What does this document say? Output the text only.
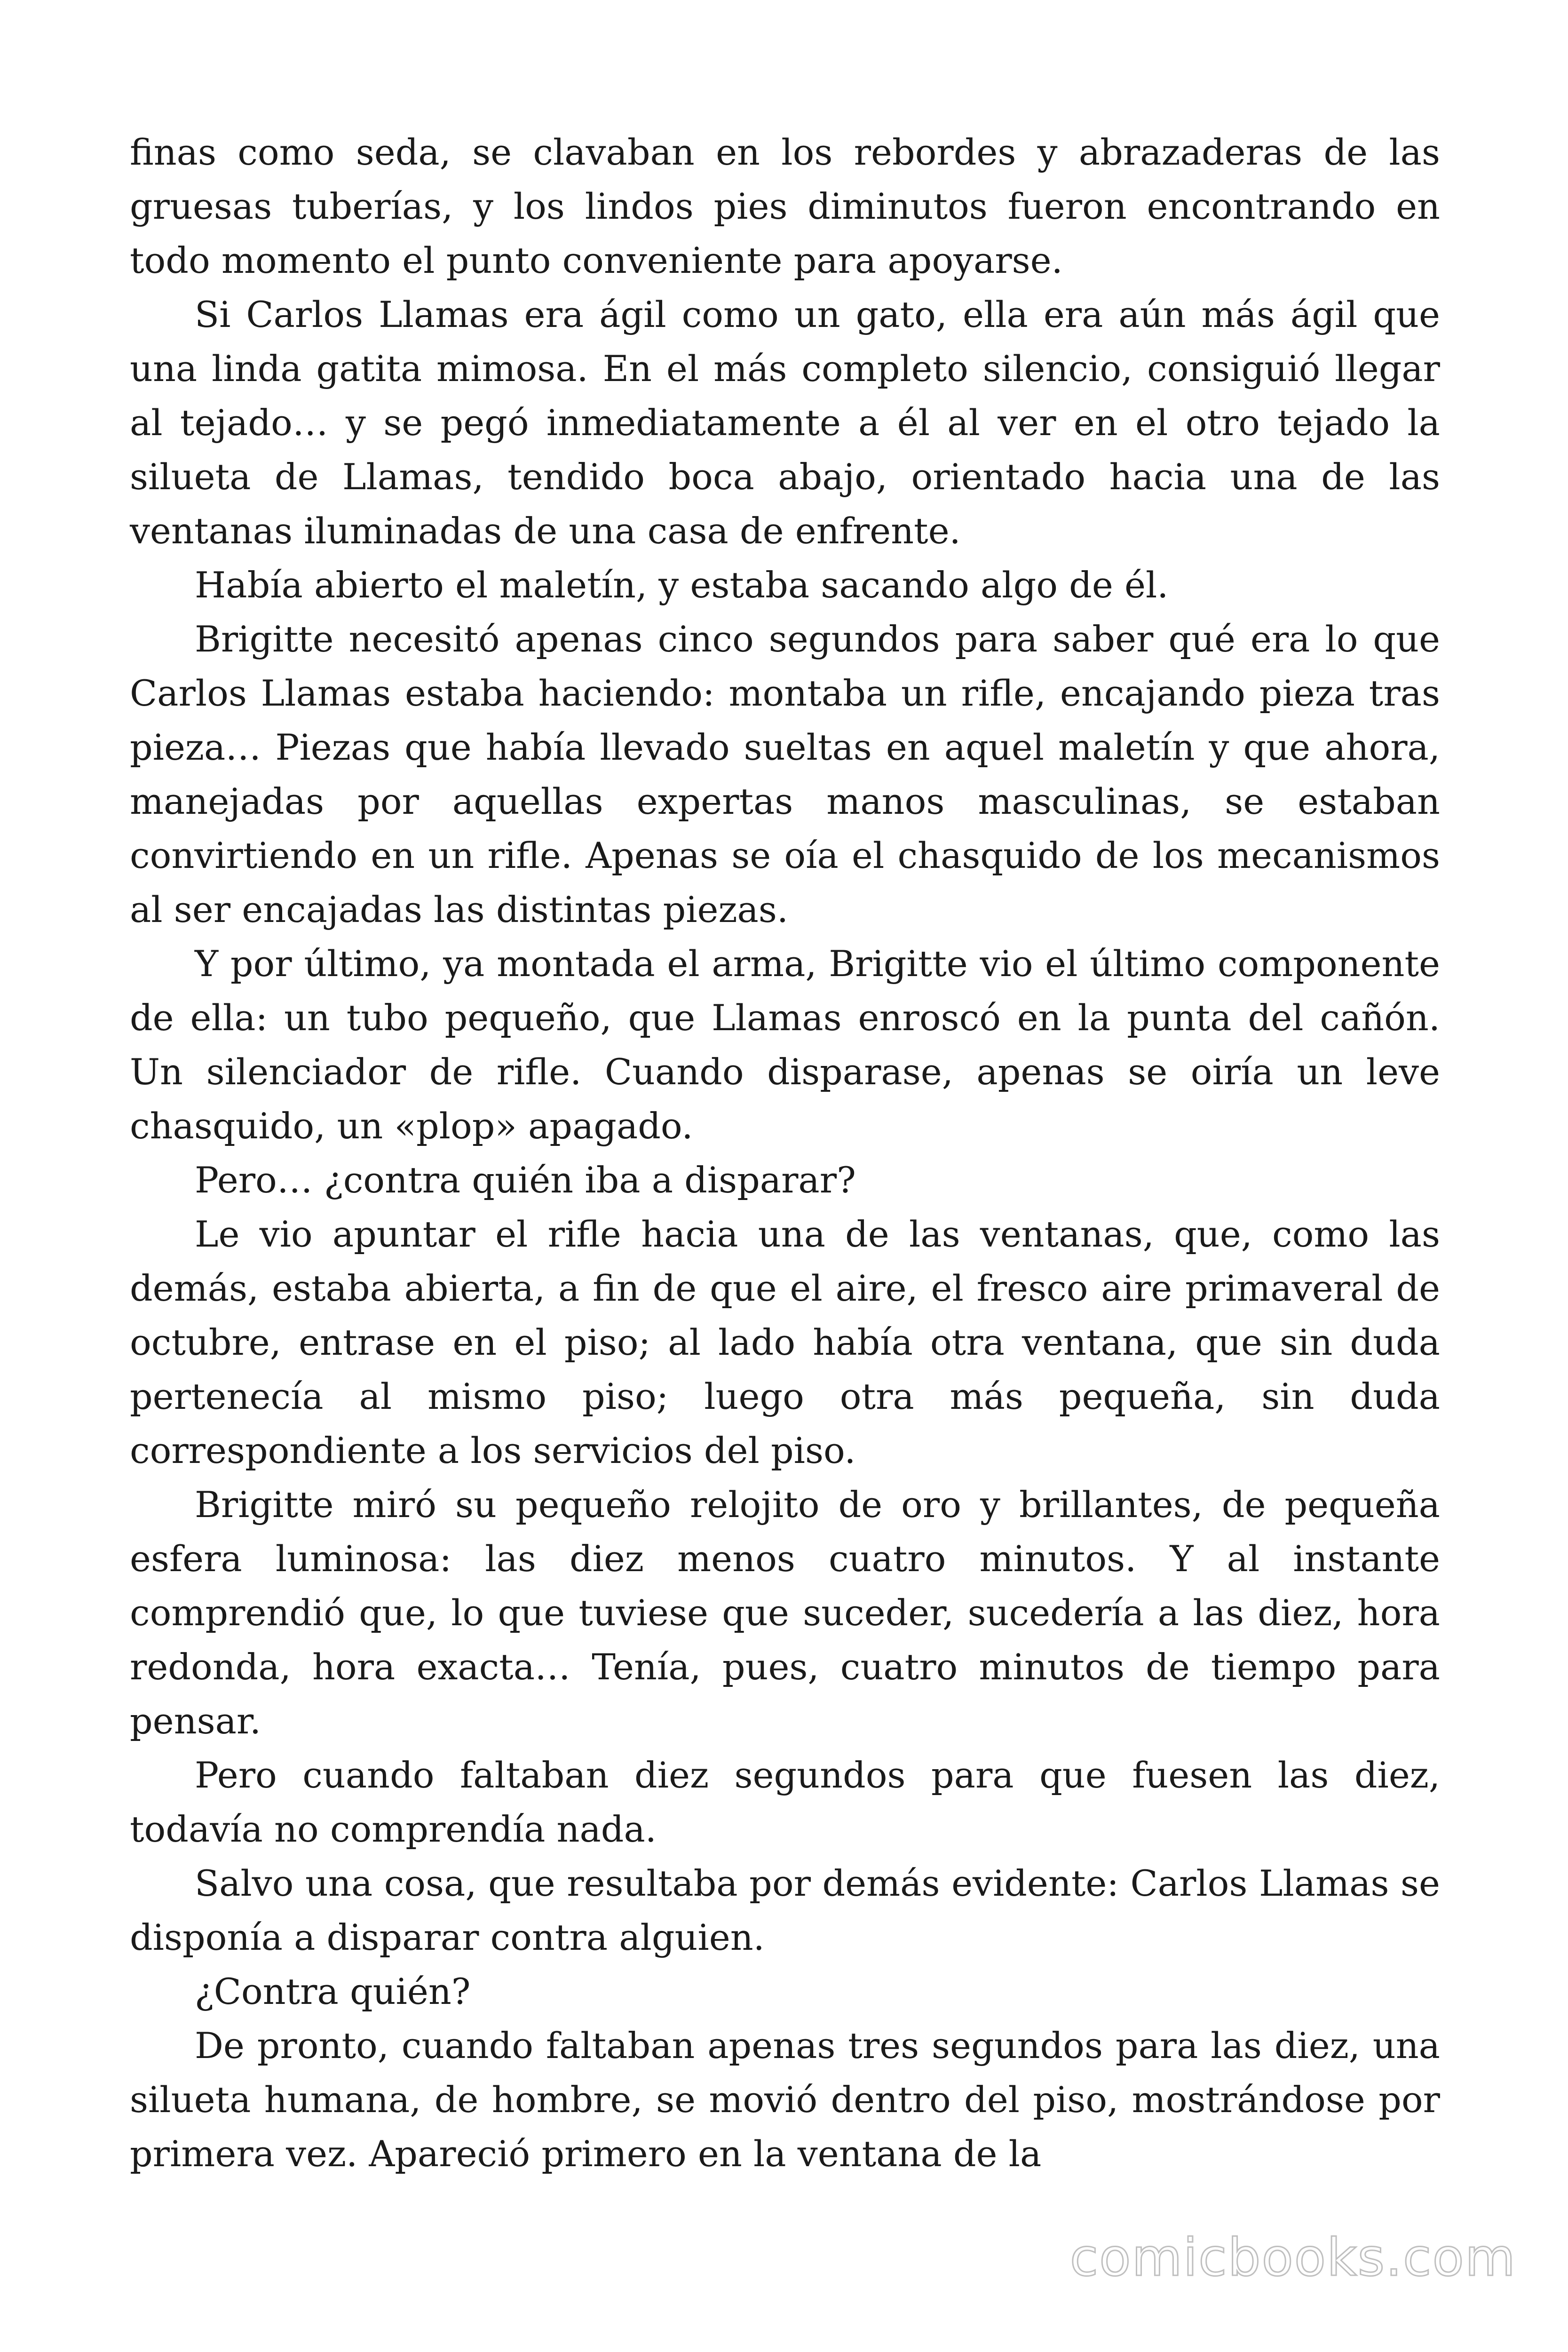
finas como seda, se clavaban en los rebordes y abrazaderas de las gruesas tuberías, y los lindos pies diminutos fueron encontrando en todo momento el punto conveniente para apoyarse.

Si Carlos Llamas era ágil como un gato, ella era aún más ágil que una linda gatita mimosa. En el más completo silencio, consiguió llegar al tejado… y se pegó inmediatamente a él al ver en el otro tejado la silueta de Llamas, tendido boca abajo, orientado hacia una de las ventanas iluminadas de una casa de enfrente.

Había abierto el maletín, y estaba sacando algo de él.

Brigitte necesitó apenas cinco segundos para saber qué era lo que Carlos Llamas estaba haciendo: montaba un rifle, encajando pieza tras pieza… Piezas que había llevado sueltas en aquel maletín y que ahora, manejadas por aquellas expertas manos masculinas, se estaban convirtiendo en un rifle. Apenas se oía el chasquido de los mecanismos al ser encajadas las distintas piezas.

Y por último, ya montada el arma, Brigitte vio el último componente de ella: un tubo pequeño, que Llamas enroscó en la punta del cañón. Un silenciador de rifle. Cuando disparase, apenas se oiría un leve chasquido, un «plop» apagado.

Pero… ¿contra quién iba a disparar?

Le vio apuntar el rifle hacia una de las ventanas, que, como las demás, estaba abierta, a fin de que el aire, el fresco aire primaveral de octubre, entrase en el piso; al lado había otra ventana, que sin duda pertenecía al mismo piso; luego otra más pequeña, sin duda correspondiente a los servicios del piso.

Brigitte miró su pequeño relojito de oro y brillantes, de pequeña esfera luminosa: las diez menos cuatro minutos. Y al instante comprendió que, lo que tuviese que suceder, sucedería a las diez, hora redonda, hora exacta… Tenía, pues, cuatro minutos de tiempo para pensar.

Pero cuando faltaban diez segundos para que fuesen las diez, todavía no comprendía nada.

Salvo una cosa, que resultaba por demás evidente: Carlos Llamas se disponía a disparar contra alguien.

¿Contra quién?

De pronto, cuando faltaban apenas tres segundos para las diez, una silueta humana, de hombre, se movió dentro del piso, mostrándose por primera vez. Apareció primero en la ventana de la

comicbooks.com
